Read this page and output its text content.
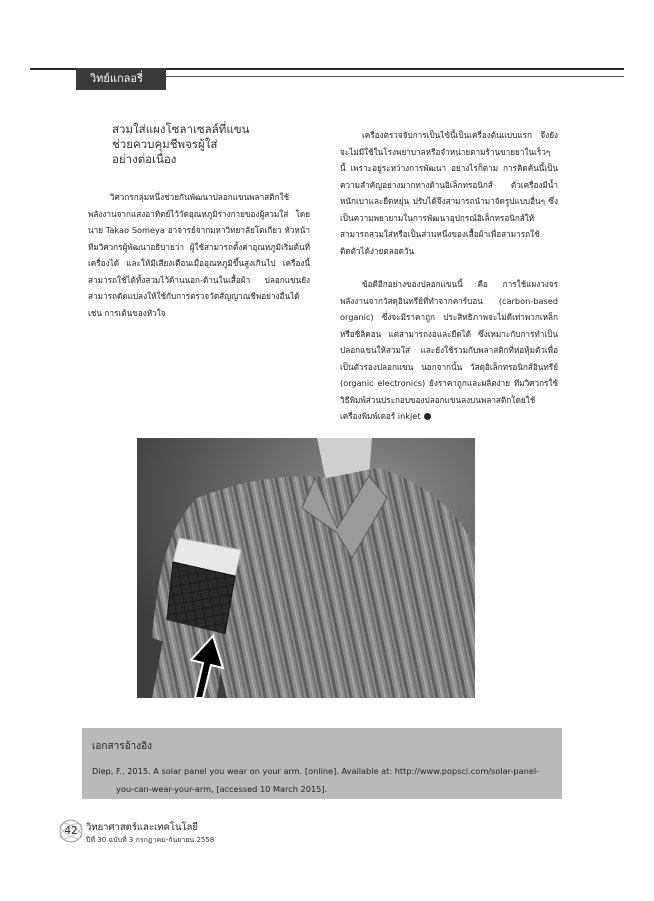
วิทย์แกลอรี่
สวมใส่แผงโซลาเซลล์ที่แขน
ช่วยควบคุมชีพจรผู้ใส่
อย่างต่อเนื่อง
วิศวกรกลุ่มหนึ่งช่วยกันพัฒนาปลอกแขนพลาสติกใช้พลังงานจากแสงอาทิตย์ไว้วัดอุณหภูมิร่างกายของผู้สวมใส่ โดยนาย Takao Someya อาจารย์จากมหาวิทยาลัยโตเกียว หัวหน้าทีมวิศวกรผู้พัฒนาอธิบายว่า ผู้ใช้สามารถตั้งค่าอุณหภูมิเริ่มต้นที่เครื่องได้ และให้มีเสียงเตือนเมื่ออุณหภูมิขึ้นสูงเกินไป เครื่องนี้สามารถใช้ได้ทั้งสวมไว้ด้านนอก-ด้านในเสื้อผ้า ปลอกแขนยังสามารถดัดแปลงให้ใช้กับการตรวจวัดสัญญาณชีพอย่างอื่นได้ เช่น การเต้นของหัวใจ
เครื่องตรวจจับการเป็นไข้นี้เป็นเครื่องต้นแบบแรก จึงยังจะไม่มีใช้ในโรงพยาบาลหรือจำหน่ายตามร้านขายยาในเร็วๆ นี้ เพราะอยู่ระหว่างการพัฒนา อย่างไรก็ตาม การคิดค้นนี้เป็นความสำคัญอย่างมากทางด้านอิเล็กทรอนิกส์ ตัวเครื่องมีน้ำหนักเบาและยืดหยุ่น ปรับได้จึงสามารถนำมาจัดรูปแบบอื่นๆ ซึ่งเป็นความพยายามในการพัฒนาอุปกรณ์อิเล็กทรอนิกส์ให้สามารถสวมใส่หรือเป็นส่วนหนึ่งของเสื้อผ้าเพื่อสามารถใช้ติดตัวได้ง่ายตลอดวัน
ข้อดีอีกอย่างของปลอกแขนนี้ คือ การใช้แผงวงจรพลังงานจากวัสดุอินทรีย์ที่ทำจากคาร์บอน (carbon-based organic) ซึ่งจะมีราคาถูก ประสิทธิภาพจะไม่ดีเท่าพวกเหล็กหรือซิลิคอน แต่สามารถงอและยืดได้ ซึ่งเหมาะกับการทำเป็นปลอกแขนให้สวมใส่ และยังใช้ร่วมกับพลาสติกที่ห่อหุ้มตัวเพื่อเป็นตัวรองปลอกแขน นอกจากนั้น วัสดุอิเล็กทรอนิกส์อินทรีย์ (organic electronics) ยังราคาถูกและผลิตง่าย ทีมวิศวกรใช้วิธีพิมพ์ส่วนประกอบของปลอกแขนลงบนพลาสติกโดยใช้เครื่องพิมพ์เตอร์ inkjet
เอกสารอ้างอิง
Diep, F., 2015. A solar panel you wear on your arm. [online]. Available at: http://www.popsci.com/solar-panel-
you-can-wear-your-arm, [accessed 10 March 2015].
42 วิทยาศาสตร์และเทคโนโลยี
ปีที่ 30 ฉบับที่ 3 กรกฎาคม-กันยายน 2558
